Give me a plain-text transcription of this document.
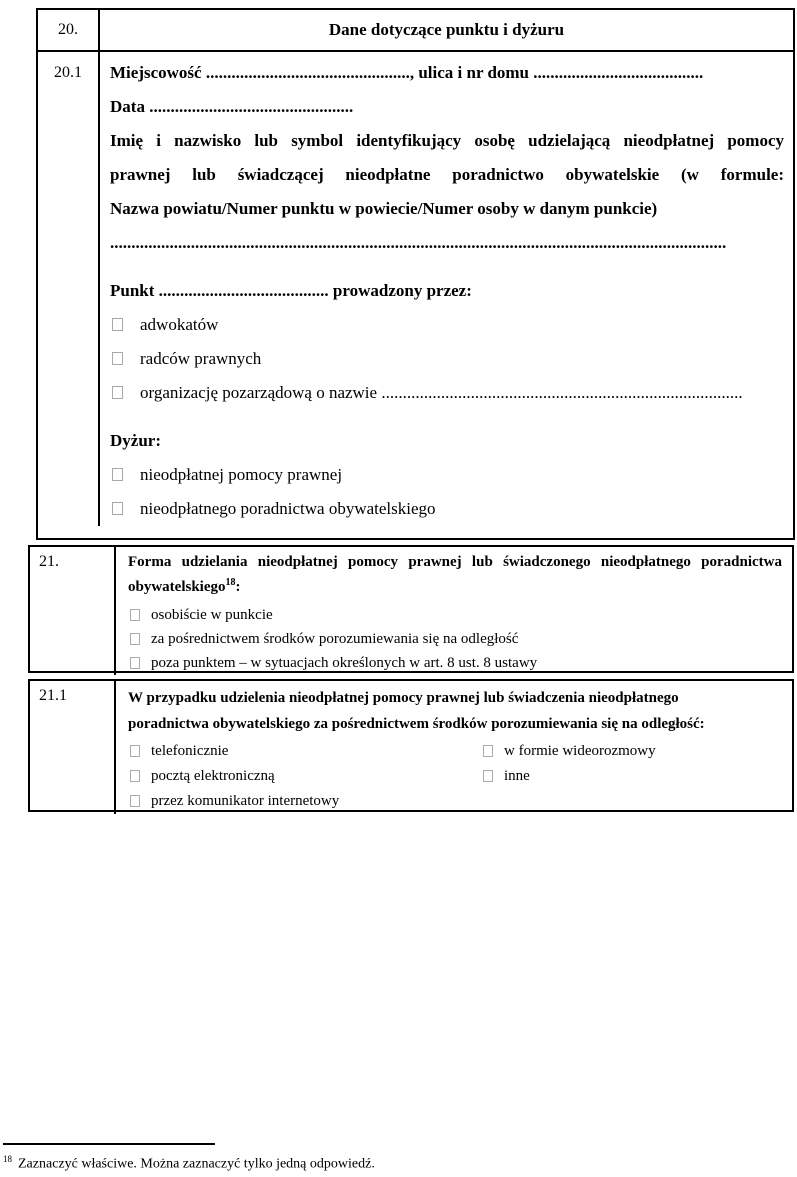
20.	Dane dotyczące punktu i dyżuru
20.1	Miejscowość ................................................, ulica i nr domu ........................................
Data ................................................
Imię i nazwisko lub symbol identyfikujący osobę udzielającą nieodpłatnej pomocy
prawnej lub świadczącej nieodpłatne poradnictwo obywatelskie (w formule:
Nazwa powiatu/Numer punktu w powiecie/Numer osoby w danym punkcie)
.................................................................................................................................................
Punkt ........................................ prowadzony przez:
adwokatów
radców prawnych
organizację pozarządową o nazwie .....................................................................................
Dyżur:
nieodpłatnej pomocy prawnej
nieodpłatnego poradnictwa obywatelskiego
21.	Forma udzielania nieodpłatnej pomocy prawnej lub świadczonego nieodpłatnego poradnictwa
obywatelskiego$^{18}$:
osobiście w punkcie
za pośrednictwem środków porozumiewania się na odległość
poza punktem – w sytuacjach określonych w art. 8 ust. 8 ustawy
21.1	W przypadku udzielenia nieodpłatnej pomocy prawnej lub świadczenia nieodpłatnego
poradnictwa obywatelskiego za pośrednictwem środków porozumiewania się na odległość:
telefonicznie
pocztą elektroniczną
przez komunikator internetowy
w formie wideorozmowy
inne
$^{18}$ Zaznaczyć właściwe. Można zaznaczyć tylko jedną odpowiedź.
